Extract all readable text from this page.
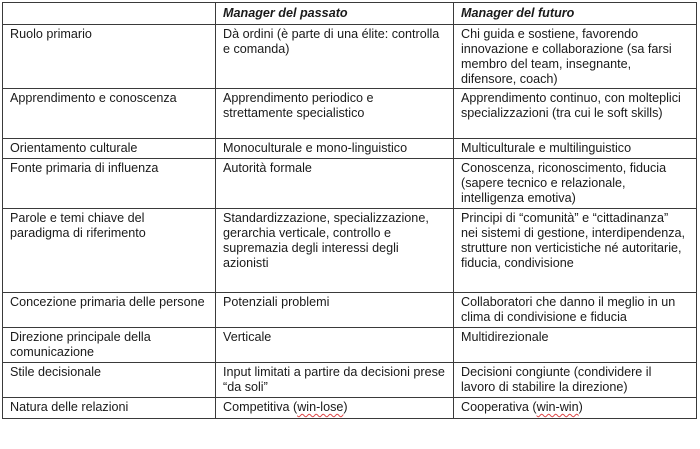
	Manager del passato	Manager del futuro
Ruolo primario	Dà ordini (è parte di una élite: controlla e comanda)	Chi guida e sostiene, favorendo innovazione e collaborazione (sa farsi membro del team, insegnante, difensore, coach)
Apprendimento e conoscenza	Apprendimento periodico e strettamente specialistico	Apprendimento continuo, con molteplici specializzazioni (tra cui le soft skills)
Orientamento culturale	Monoculturale e mono-linguistico	Multiculturale e multilinguistico
Fonte primaria di influenza	Autorità formale	Conoscenza, riconoscimento, fiducia (sapere tecnico e relazionale, intelligenza emotiva)
Parole e temi chiave del paradigma di riferimento	Standardizzazione, specializzazione, gerarchia verticale, controllo e supremazia degli interessi degli azionisti	Principi di “comunità” e “cittadinanza” nei sistemi di gestione, interdipendenza, strutture non verticistiche né autoritarie, fiducia, condivisione
Concezione primaria delle persone	Potenziali problemi	Collaboratori che danno il meglio in un clima di condivisione e fiducia
Direzione principale della comunicazione	Verticale	Multidirezionale
Stile decisionale	Input limitati a partire da decisioni prese “da soli”	Decisioni congiunte (condividere il lavoro di stabilire la direzione)
Natura delle relazioni	Competitiva (win-lose)	Cooperativa (win-win)
